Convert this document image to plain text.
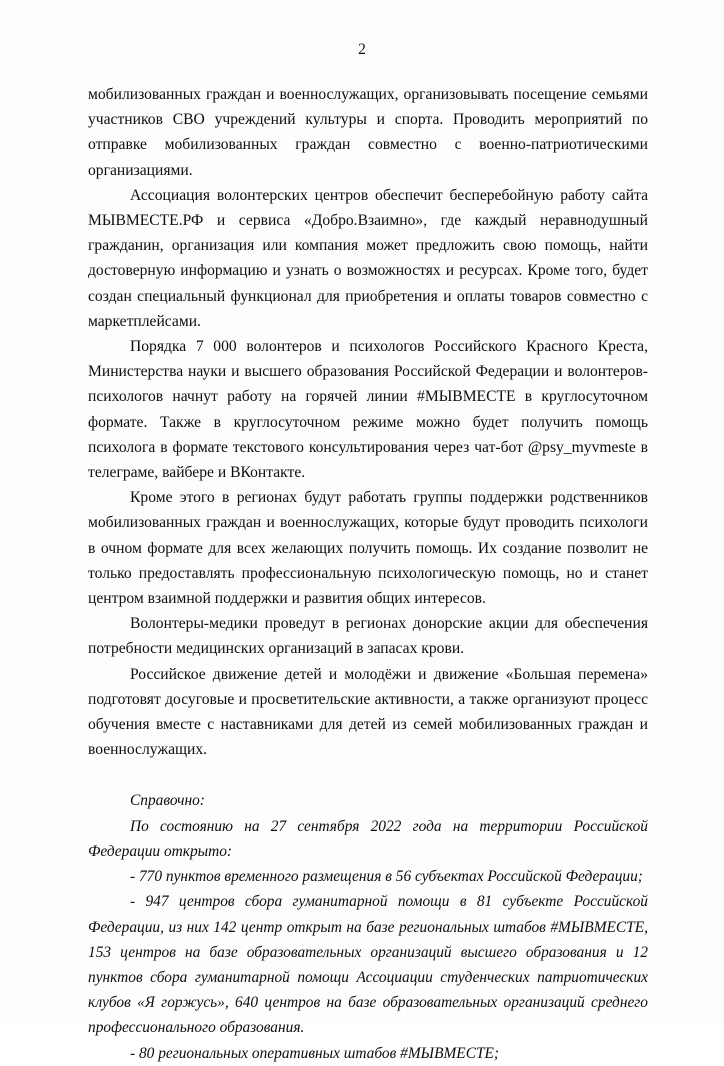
2

мобилизованных граждан и военнослужащих, организовывать посещение семьями участников СВО учреждений культуры и спорта. Проводить мероприятий по отправке мобилизованных граждан совместно с военно-патриотическими организациями.

Ассоциация волонтерских центров обеспечит бесперебойную работу сайта МЫВМЕСТЕ.РФ и сервиса «Добро.Взаимно», где каждый неравнодушный гражданин, организация или компания может предложить свою помощь, найти достоверную информацию и узнать о возможностях и ресурсах. Кроме того, будет создан специальный функционал для приобретения и оплаты товаров совместно с маркетплейсами.

Порядка 7 000 волонтеров и психологов Российского Красного Креста, Министерства науки и высшего образования Российской Федерации и волонтеров-психологов начнут работу на горячей линии #МЫВМЕСТЕ в круглосуточном формате. Также в круглосуточном режиме можно будет получить помощь психолога в формате текстового консультирования через чат-бот @psy_myvmeste в телеграме, вайбере и ВКонтакте.

Кроме этого в регионах будут работать группы поддержки родственников мобилизованных граждан и военнослужащих, которые будут проводить психологи в очном формате для всех желающих получить помощь. Их создание позволит не только предоставлять профессиональную психологическую помощь, но и станет центром взаимной поддержки и развития общих интересов.

Волонтеры-медики проведут в регионах донорские акции для обеспечения потребности медицинских организаций в запасах крови.

Российское движение детей и молодёжи и движение «Большая перемена» подготовят досуговые и просветительские активности, а также организуют процесс обучения вместе с наставниками для детей из семей мобилизованных граждан и военнослужащих.

Справочно:

По состоянию на 27 сентября 2022 года на территории Российской Федерации открыто:

- 770 пунктов временного размещения в 56 субъектах Российской Федерации;

- 947 центров сбора гуманитарной помощи в 81 субъекте Российской Федерации, из них 142 центр открыт на базе региональных штабов #МЫВМЕСТЕ, 153 центров на базе образовательных организаций высшего образования и 12 пунктов сбора гуманитарной помощи Ассоциации студенческих патриотических клубов «Я горжусь», 640 центров на базе образовательных организаций среднего профессионального образования.

- 80 региональных оперативных штабов #МЫВМЕСТЕ;
